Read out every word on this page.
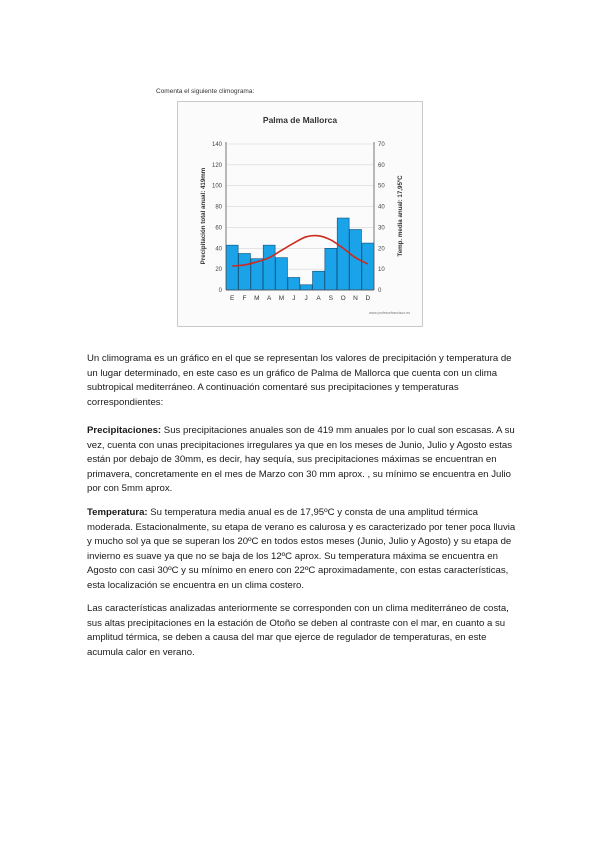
Comenta el siguiente climograma:
Palma de Mallorca
0
20
40
60
80
100
120
140
0
10
20
30
40
50
60
70
E F M A M J J A S O N D
Precipitación total anual: 419mm	Temp. media anual: 17,95ºC
www.profesorfrancisco.es
Un climograma es un gráfico en el que se representan los valores de precipitación y temperatura de un lugar determinado, en este caso es un gráfico de Palma de Mallorca que cuenta con un clima subtropical mediterráneo. A continuación comentaré sus precipitaciones y temperaturas correspondientes:
Precipitaciones: Sus precipitaciones anuales son de 419 mm anuales por lo cual son escasas. A su vez, cuenta con unas precipitaciones irregulares ya que en los meses de Junio, Julio y Agosto estas están por debajo de 30mm, es decir, hay sequía, sus precipitaciones máximas se encuentran en primavera, concretamente en el mes de Marzo con 30 mm aprox. , su mínimo se encuentra en Julio por con 5mm aprox.
Temperatura: Su temperatura media anual es de 17,95ºC y consta de una amplitud térmica moderada. Estacionalmente, su etapa de verano es calurosa y es caracterizado por tener poca lluvia y mucho sol ya que se superan los 20ºC en todos estos meses (Junio, Julio y Agosto) y su etapa de invierno es suave ya que no se baja de los 12ºC aprox. Su temperatura máxima se encuentra en Agosto con casi 30ºC y su mínimo en enero con 22ºC aproximadamente, con estas características, esta localización se encuentra en un clima costero.
Las características analizadas anteriormente se corresponden con un clima mediterráneo de costa, sus altas precipitaciones en la estación de Otoño se deben al contraste con el mar, en cuanto a su amplitud térmica, se deben a causa del mar que ejerce de regulador de temperaturas, en este acumula calor en verano.
